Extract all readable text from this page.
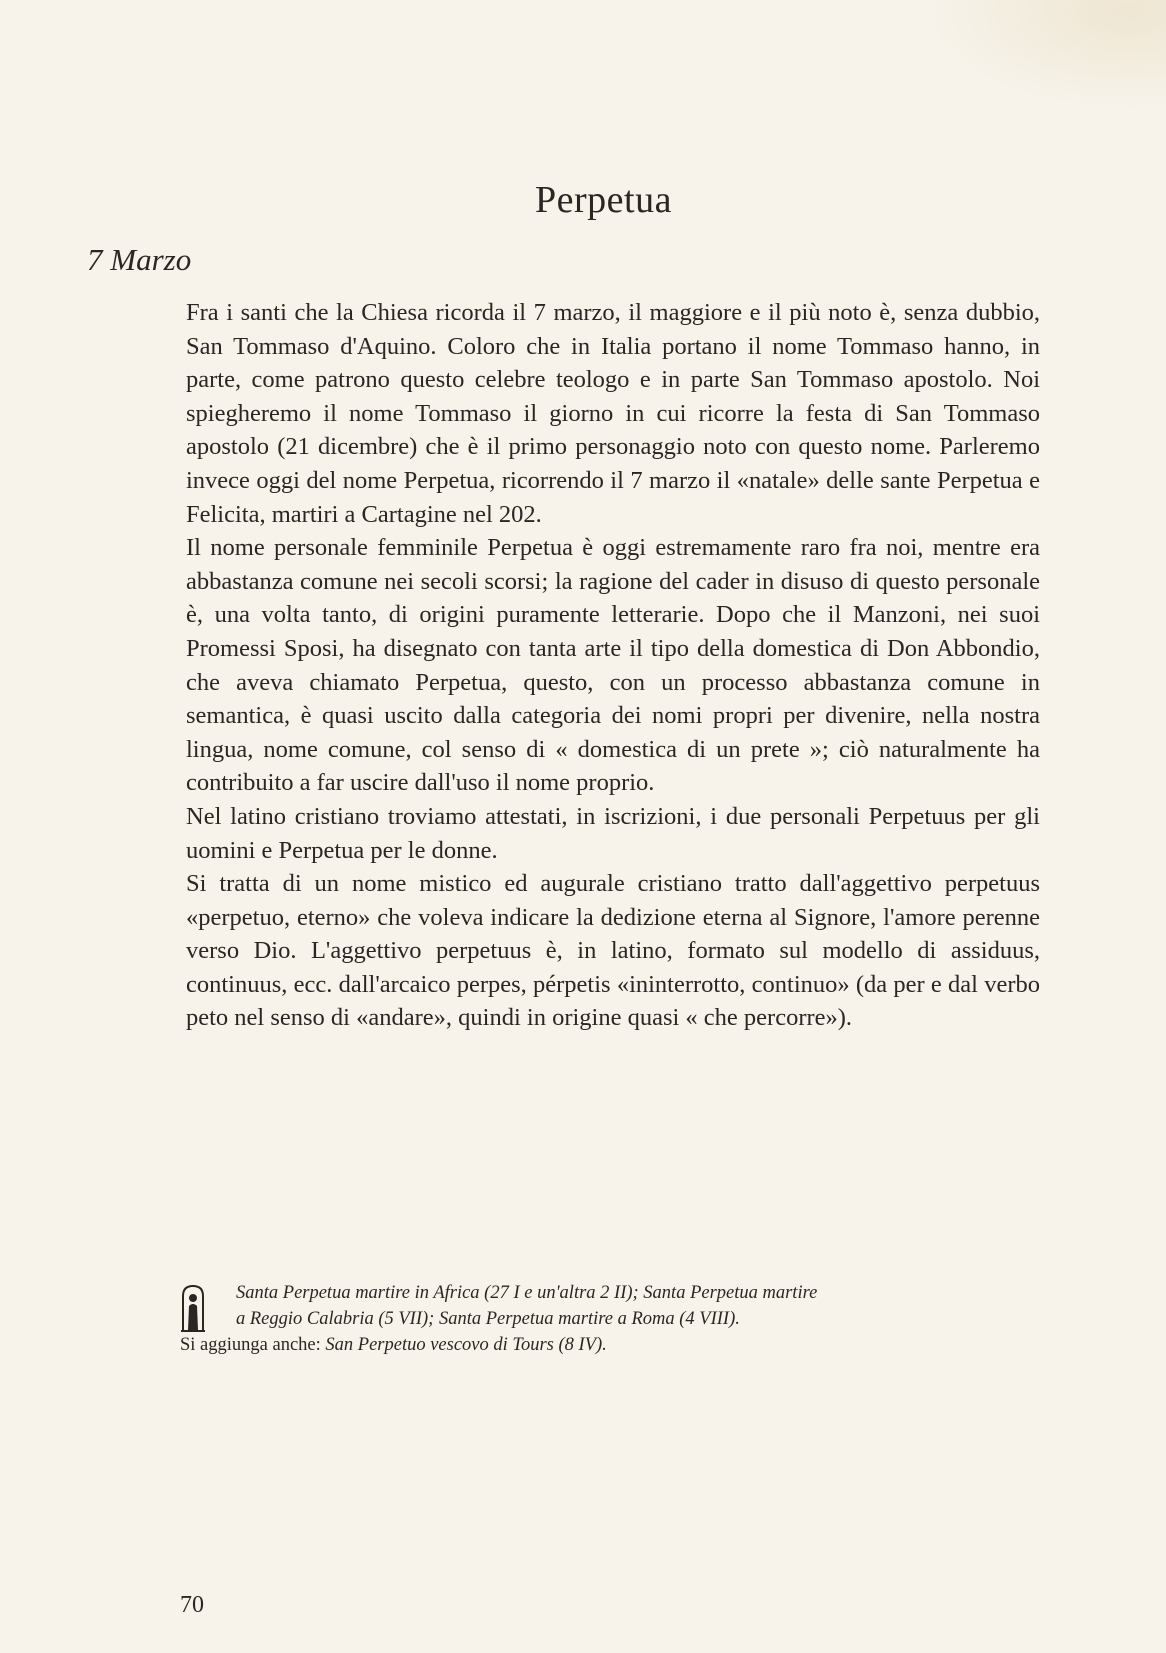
Perpetua
7 Marzo

Fra i santi che la Chiesa ricorda il 7 marzo, il maggiore e il più noto è, senza dubbio, San Tommaso d'Aquino. Coloro che in Italia portano il nome Tommaso hanno, in parte, come patrono questo celebre teologo e in parte San Tommaso apostolo. Noi spiegheremo il nome Tommaso il giorno in cui ricorre la festa di San Tommaso apostolo (21 dicembre) che è il primo personaggio noto con questo nome. Parleremo invece oggi del nome Perpetua, ricorrendo il 7 marzo il «natale» delle sante Perpetua e Felicita, martiri a Cartagine nel 202.

Il nome personale femminile Perpetua è oggi estremamente raro fra noi, mentre era abbastanza comune nei secoli scorsi; la ragione del cader in disuso di questo personale è, una volta tanto, di origini puramente letterarie. Dopo che il Manzoni, nei suoi Promessi Sposi, ha disegnato con tanta arte il tipo della domestica di Don Abbondio, che aveva chiamato Perpetua, questo, con un processo abbastanza comune in semantica, è quasi uscito dalla categoria dei nomi propri per divenire, nella nostra lingua, nome comune, col senso di « domestica di un prete »; ciò naturalmente ha contribuito a far uscire dall'uso il nome proprio.

Nel latino cristiano troviamo attestati, in iscrizioni, i due personali Perpetuus per gli uomini e Perpetua per le donne.

Si tratta di un nome mistico ed augurale cristiano tratto dall'aggettivo perpetuus «perpetuo, eterno» che voleva indicare la dedizione eterna al Signore, l'amore perenne verso Dio. L'aggettivo perpetuus è, in latino, formato sul modello di assiduus, continuus, ecc. dall'arcaico perpes, pérpetis «ininterrotto, continuo» (da per e dal verbo peto nel senso di «andare», quindi in origine quasi « che percorre»).

Santa Perpetua martire in Africa (27 I e un'altra 2 II); Santa Perpetua martire
a Reggio Calabria (5 VII); Santa Perpetua martire a Roma (4 VIII).
Si aggiunga anche: San Perpetuo vescovo di Tours (8 IV).
70
